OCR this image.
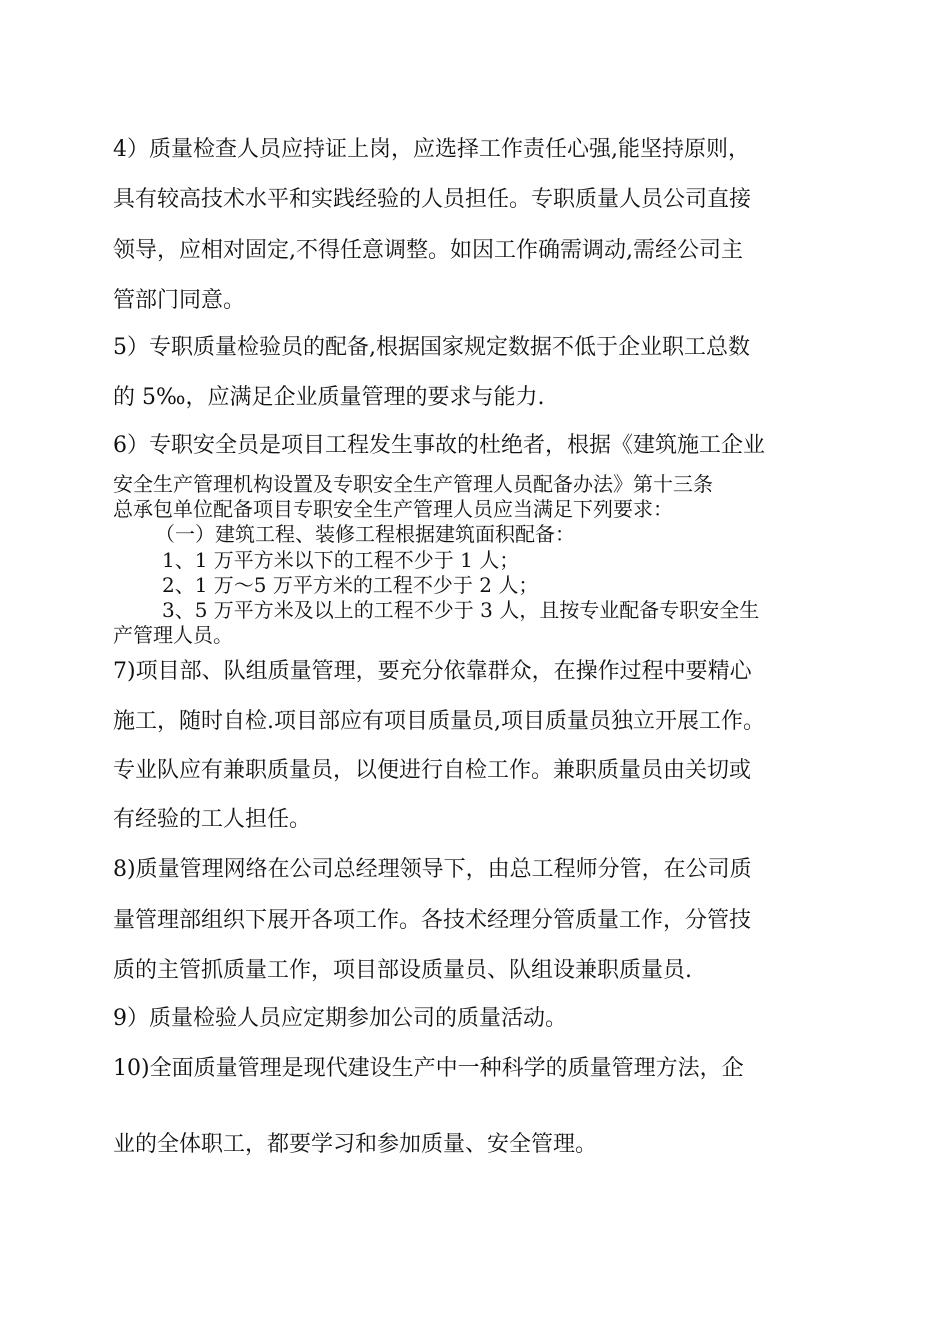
4）质量检查人员应持证上岗，应选择工作责任心强,能坚持原则，
具有较高技术水平和实践经验的人员担任。专职质量人员公司直接
领导，应相对固定,不得任意调整。如因工作确需调动,需经公司主
管部门同意。
5）专职质量检验员的配备,根据国家规定数据不低于企业职工总数
的 5‰，应满足企业质量管理的要求与能力.
6）专职安全员是项目工程发生事故的杜绝者，根据《建筑施工企业
安全生产管理机构设置及专职安全生产管理人员配备办法》第十三条
总承包单位配备项目专职安全生产管理人员应当满足下列要求：
（一）建筑工程、装修工程根据建筑面积配备：
1、1 万平方米以下的工程不少于 1 人；
2、1 万～5 万平方米的工程不少于 2 人；
3、5 万平方米及以上的工程不少于 3 人，且按专业配备专职安全生
产管理人员。
7)项目部、队组质量管理，要充分依靠群众，在操作过程中要精心
施工，随时自检.项目部应有项目质量员,项目质量员独立开展工作。
专业队应有兼职质量员，以便进行自检工作。兼职质量员由关切或
有经验的工人担任。
8)质量管理网络在公司总经理领导下，由总工程师分管，在公司质
量管理部组织下展开各项工作。各技术经理分管质量工作，分管技
质的主管抓质量工作，项目部设质量员、队组设兼职质量员.
9）质量检验人员应定期参加公司的质量活动。
10)全面质量管理是现代建设生产中一种科学的质量管理方法，企
业的全体职工，都要学习和参加质量、安全管理。
